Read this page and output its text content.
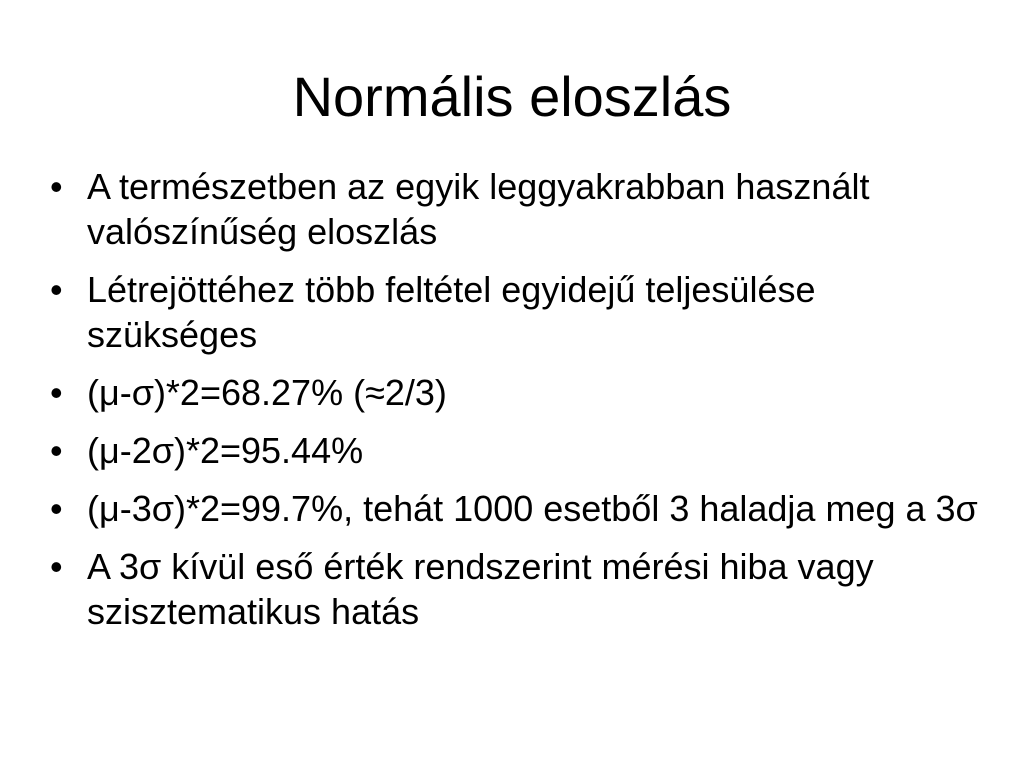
Normális eloszlás
• A természetben az egyik leggyakrabban használt valószínűség eloszlás
• Létrejöttéhez több feltétel egyidejű teljesülése szükséges
• (μ-σ)*2=68.27% (≈2/3)
• (μ-2σ)*2=95.44%
• (μ-3σ)*2=99.7%, tehát 1000 esetből 3 haladja meg a 3σ
• A 3σ kívül eső érték rendszerint mérési hiba vagy szisztematikus hatás
